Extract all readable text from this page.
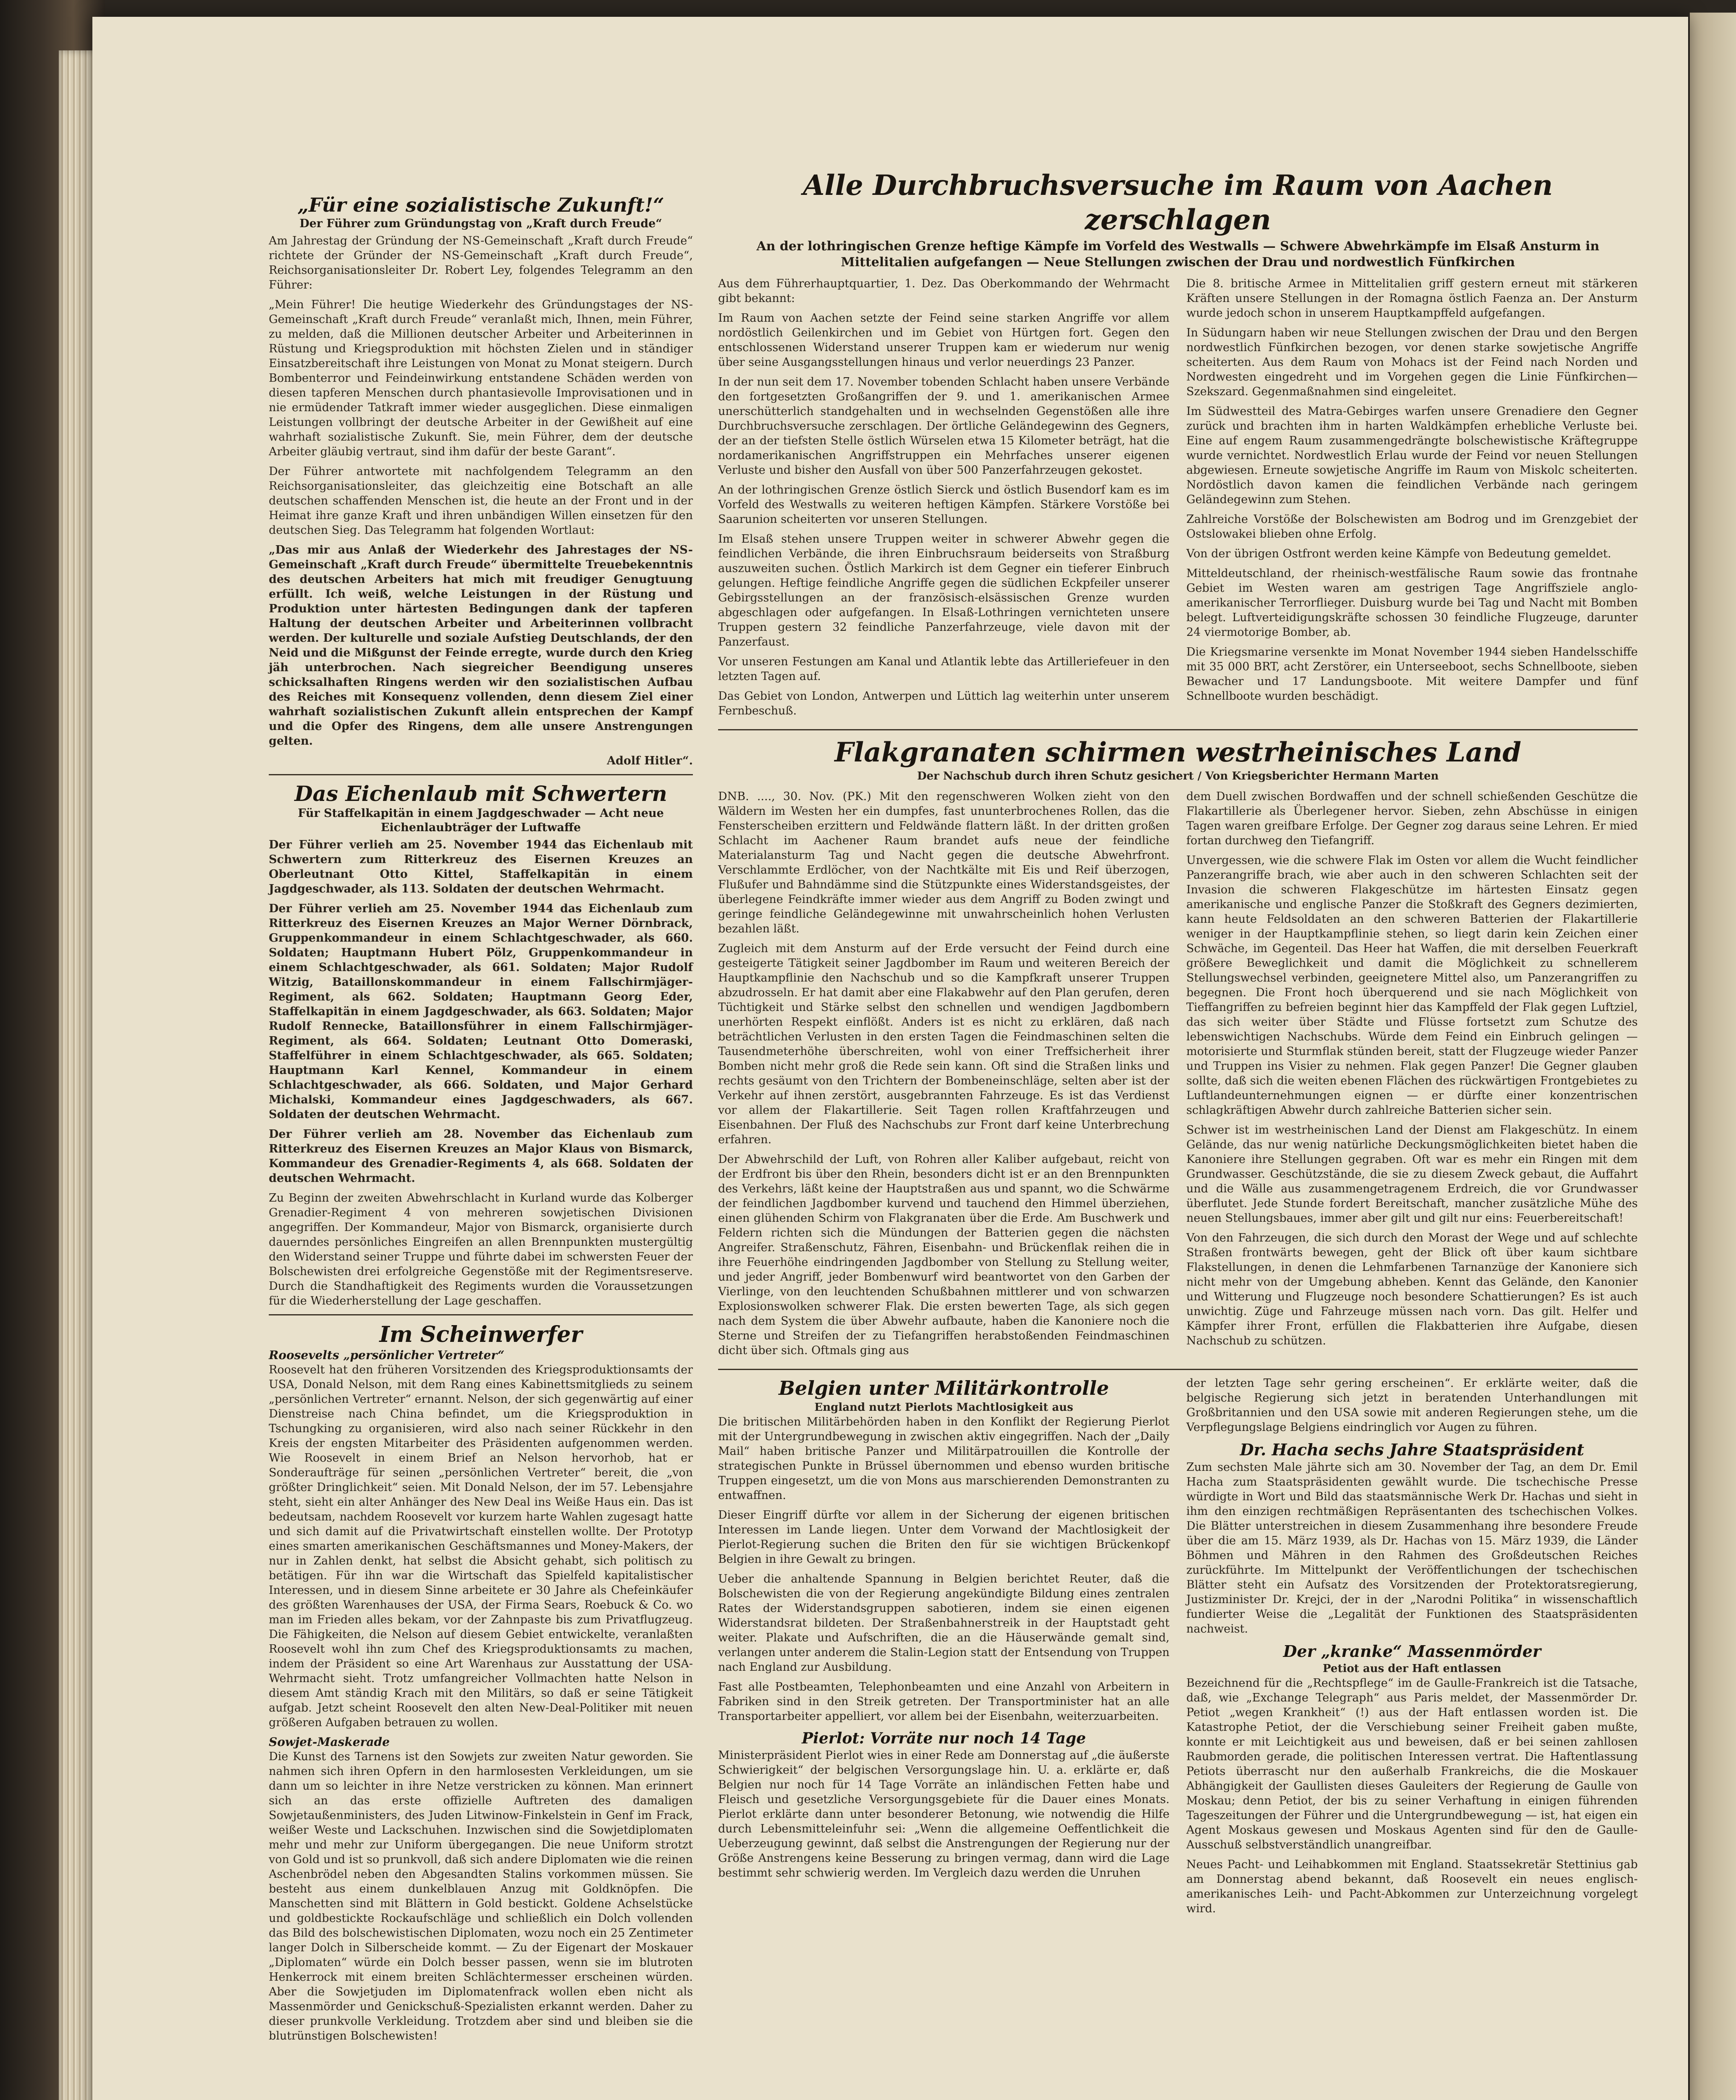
„Für eine sozialistische Zukunft!“
Der Führer zum Gründungstag von „Kraft durch Freude“

Am Jahrestag der Gründung der NS-Gemeinschaft „Kraft durch Freude“ richtete der Gründer der NS-Gemeinschaft „Kraft durch Freude“, Reichsorganisationsleiter Dr. Robert Ley, folgendes Telegramm an den Führer:

„Mein Führer! Die heutige Wiederkehr des Gründungstages der NS-Gemeinschaft „Kraft durch Freude“ veranlaßt mich, Ihnen, mein Führer, zu melden, daß die Millionen deutscher Arbeiter und Arbeiterinnen in Rüstung und Kriegsproduktion mit höchsten Zielen und in ständiger Einsatzbereitschaft ihre Leistungen von Monat zu Monat steigern. Durch Bombenterror und Feindeinwirkung entstandene Schäden werden von diesen tapferen Menschen durch phantasievolle Improvisationen und in nie ermüdender Tatkraft immer wieder ausgeglichen. Diese einmaligen Leistungen vollbringt der deutsche Arbeiter in der Gewißheit auf eine wahrhaft sozialistische Zukunft. Sie, mein Führer, dem der deutsche Arbeiter gläubig vertraut, sind ihm dafür der beste Garant“.

Der Führer antwortete mit nachfolgendem Telegramm an den Reichsorganisationsleiter, das gleichzeitig eine Botschaft an alle deutschen schaffenden Menschen ist, die heute an der Front und in der Heimat ihre ganze Kraft und ihren unbändigen Willen einsetzen für den deutschen Sieg. Das Telegramm hat folgenden Wortlaut:

„Das mir aus Anlaß der Wiederkehr des Jahrestages der NS-Gemeinschaft „Kraft durch Freude“ übermittelte Treuebekenntnis des deutschen Arbeiters hat mich mit freudiger Genugtuung erfüllt. Ich weiß, welche Leistungen in der Rüstung und Produktion unter härtesten Bedingungen dank der tapferen Haltung der deutschen Arbeiter und Arbeiterinnen vollbracht werden. Der kulturelle und soziale Aufstieg Deutschlands, der den Neid und die Mißgunst der Feinde erregte, wurde durch den Krieg jäh unterbrochen. Nach siegreicher Beendigung unseres schicksalhaften Ringens werden wir den sozialistischen Aufbau des Reiches mit Konsequenz vollenden, denn diesem Ziel einer wahrhaft sozialistischen Zukunft allein entsprechen der Kampf und die Opfer des Ringens, dem alle unsere Anstrengungen gelten.

Adolf Hitler“.
Das Eichenlaub mit Schwertern
Für Staffelkapitän in einem Jagdgeschwader — Acht neue Eichenlaubträger der Luftwaffe

Der Führer verlieh am 25. November 1944 das Eichenlaub mit Schwertern zum Ritterkreuz des Eisernen Kreuzes an Oberleutnant Otto Kittel, Staffelkapitän in einem Jagdgeschwader, als 113. Soldaten der deutschen Wehrmacht.

Der Führer verlieh am 25. November 1944 das Eichenlaub zum Ritterkreuz des Eisernen Kreuzes an Major Werner Dörnbrack, Gruppenkommandeur in einem Schlachtgeschwader, als 660. Soldaten; Hauptmann Hubert Pölz, Gruppenkommandeur in einem Schlachtgeschwader, als 661. Soldaten; Major Rudolf Witzig, Bataillonskommandeur in einem Fallschirmjäger-Regiment, als 662. Soldaten; Hauptmann Georg Eder, Staffelkapitän in einem Jagdgeschwader, als 663. Soldaten; Major Rudolf Rennecke, Bataillonsführer in einem Fallschirmjäger-Regiment, als 664. Soldaten; Leutnant Otto Domeraski, Staffelführer in einem Schlachtgeschwader, als 665. Soldaten; Hauptmann Karl Kennel, Kommandeur in einem Schlachtgeschwader, als 666. Soldaten, und Major Gerhard Michalski, Kommandeur eines Jagdgeschwaders, als 667. Soldaten der deutschen Wehrmacht.

Der Führer verlieh am 28. November das Eichenlaub zum Ritterkreuz des Eisernen Kreuzes an Major Klaus von Bismarck, Kommandeur des Grenadier-Regiments 4, als 668. Soldaten der deutschen Wehrmacht.

Zu Beginn der zweiten Abwehrschlacht in Kurland wurde das Kolberger Grenadier-Regiment 4 von mehreren sowjetischen Divisionen angegriffen. Der Kommandeur, Major von Bismarck, organisierte durch dauerndes persönliches Eingreifen an allen Brennpunkten mustergültig den Widerstand seiner Truppe und führte dabei im schwersten Feuer der Bolschewisten drei erfolgreiche Gegenstöße mit der Regimentsreserve. Durch die Standhaftigkeit des Regiments wurden die Voraussetzungen für die Wiederherstellung der Lage geschaffen.

Im Scheinwerfer
Roosevelts „persönlicher Vertreter“

Roosevelt hat den früheren Vorsitzenden des Kriegsproduktionsamts der USA, Donald Nelson, mit dem Rang eines Kabinettsmitglieds zu seinem „persönlichen Vertreter“ ernannt. Nelson, der sich gegenwärtig auf einer Dienstreise nach China befindet, um die Kriegsproduktion in Tschungking zu organisieren, wird also nach seiner Rückkehr in den Kreis der engsten Mitarbeiter des Präsidenten aufgenommen werden. Wie Roosevelt in einem Brief an Nelson hervorhob, hat er Sonderaufträge für seinen „persönlichen Vertreter“ bereit, die „von größter Dringlichkeit“ seien. Mit Donald Nelson, der im 57. Lebensjahre steht, sieht ein alter Anhänger des New Deal ins Weiße Haus ein. Das ist bedeutsam, nachdem Roosevelt vor kurzem harte Wahlen zugesagt hatte und sich damit auf die Privatwirtschaft einstellen wollte. Der Prototyp eines smarten amerikanischen Geschäftsmannes und Money-Makers, der nur in Zahlen denkt, hat selbst die Absicht gehabt, sich politisch zu betätigen. Für ihn war die Wirtschaft das Spielfeld kapitalistischer Interessen, und in diesem Sinne arbeitete er 30 Jahre als Chefeinkäufer des größten Warenhauses der USA, der Firma Sears, Roebuck & Co. wo man im Frieden alles bekam, vor der Zahnpaste bis zum Privatflugzeug. Die Fähigkeiten, die Nelson auf diesem Gebiet entwickelte, veranlaßten Roosevelt wohl ihn zum Chef des Kriegsproduktionsamts zu machen, indem der Präsident so eine Art Warenhaus zur Ausstattung der USA-Wehrmacht sieht. Trotz umfangreicher Vollmachten hatte Nelson in diesem Amt ständig Krach mit den Militärs, so daß er seine Tätigkeit aufgab. Jetzt scheint Roosevelt den alten New-Deal-Politiker mit neuen größeren Aufgaben betrauen zu wollen.

Sowjet-Maskerade

Die Kunst des Tarnens ist den Sowjets zur zweiten Natur geworden. Sie nahmen sich ihren Opfern in den harmlosesten Verkleidungen, um sie dann um so leichter in ihre Netze verstricken zu können. Man erinnert sich an das erste offizielle Auftreten des damaligen Sowjetaußenministers, des Juden Litwinow-Finkelstein in Genf im Frack, weißer Weste und Lackschuhen. Inzwischen sind die Sowjetdiplomaten mehr und mehr zur Uniform übergegangen. Die neue Uniform strotzt von Gold und ist so prunkvoll, daß sich andere Diplomaten wie die reinen Aschenbrödel neben den Abgesandten Stalins vorkommen müssen. Sie besteht aus einem dunkelblauen Anzug mit Goldknöpfen. Die Manschetten sind mit Blättern in Gold bestickt. Goldene Achselstücke und goldbestickte Rockaufschläge und schließlich ein Dolch vollenden das Bild des bolschewistischen Diplomaten, wozu noch ein 25 Zentimeter langer Dolch in Silberscheide kommt. — Zu der Eigenart der Moskauer „Diplomaten“ würde ein Dolch besser passen, wenn sie im blutroten Henkerrock mit einem breiten Schlächtermesser erscheinen würden. Aber die Sowjetjuden im Diplomatenfrack wollen eben nicht als Massenmörder und Genickschuß-Spezialisten erkannt werden. Daher zu dieser prunkvolle Verkleidung. Trotzdem aber sind und bleiben sie die blutrünstigen Bolschewisten!

Alle Durchbruchsversuche im Raum von Aachen zerschlagen
An der lothringischen Grenze heftige Kämpfe im Vorfeld des Westwalls — Schwere Abwehrkämpfe im Elsaß Ansturm in Mittelitalien aufgefangen — Neue Stellungen zwischen der Drau und nordwestlich Fünfkirchen

Aus dem Führerhauptquartier, 1. Dez. Das Oberkommando der Wehrmacht gibt bekannt:

Im Raum von Aachen setzte der Feind seine starken Angriffe vor allem nordöstlich Geilenkirchen und im Gebiet von Hürtgen fort. Gegen den entschlossenen Widerstand unserer Truppen kam er wiederum nur wenig über seine Ausgangsstellungen hinaus und verlor neuerdings 23 Panzer.

In der nun seit dem 17. November tobenden Schlacht haben unsere Verbände den fortgesetzten Großangriffen der 9. und 1. amerikanischen Armee unerschütterlich standgehalten und in wechselnden Gegenstößen alle ihre Durchbruchsversuche zerschlagen. Der örtliche Geländegewinn des Gegners, der an der tiefsten Stelle östlich Würselen etwa 15 Kilometer beträgt, hat die nordamerikanischen Angriffstruppen ein Mehrfaches unserer eigenen Verluste und bisher den Ausfall von über 500 Panzerfahrzeugen gekostet.

An der lothringischen Grenze östlich Sierck und östlich Busendorf kam es im Vorfeld des Westwalls zu weiteren heftigen Kämpfen. Stärkere Vorstöße bei Saarunion scheiterten vor unseren Stellungen.

Im Elsaß stehen unsere Truppen weiter in schwerer Abwehr gegen die feindlichen Verbände, die ihren Einbruchsraum beiderseits von Straßburg auszuweiten suchen. Östlich Markirch ist dem Gegner ein tieferer Einbruch gelungen. Heftige feindliche Angriffe gegen die südlichen Eckpfeiler unserer Gebirgsstellungen an der französisch-elsässischen Grenze wurden abgeschlagen oder aufgefangen. In Elsaß-Lothringen vernichteten unsere Truppen gestern 32 feindliche Panzerfahrzeuge, viele davon mit der Panzerfaust.

Vor unseren Festungen am Kanal und Atlantik lebte das Artilleriefeuer in den letzten Tagen auf.

Das Gebiet von London, Antwerpen und Lüttich lag weiterhin unter unserem Fernbeschuß.

Die 8. britische Armee in Mittelitalien griff gestern erneut mit stärkeren Kräften unsere Stellungen in der Romagna östlich Faenza an. Der Ansturm wurde jedoch schon in unserem Hauptkampffeld aufgefangen.

In Südungarn haben wir neue Stellungen zwischen der Drau und den Bergen nordwestlich Fünfkirchen bezogen, vor denen starke sowjetische Angriffe scheiterten. Aus dem Raum von Mohacs ist der Feind nach Norden und Nordwesten eingedreht und im Vorgehen gegen die Linie Fünfkirchen—Szekszard. Gegenmaßnahmen sind eingeleitet.

Im Südwestteil des Matra-Gebirges warfen unsere Grenadiere den Gegner zurück und brachten ihm in harten Waldkämpfen erhebliche Verluste bei. Eine auf engem Raum zusammengedrängte bolschewistische Kräftegruppe wurde vernichtet. Nordwestlich Erlau wurde der Feind vor neuen Stellungen abgewiesen. Erneute sowjetische Angriffe im Raum von Miskolc scheiterten. Nordöstlich davon kamen die feindlichen Verbände nach geringem Geländegewinn zum Stehen.

Zahlreiche Vorstöße der Bolschewisten am Bodrog und im Grenzgebiet der Ostslowakei blieben ohne Erfolg.

Von der übrigen Ostfront werden keine Kämpfe von Bedeutung gemeldet.

Mitteldeutschland, der rheinisch-westfälische Raum sowie das frontnahe Gebiet im Westen waren am gestrigen Tage Angriffsziele anglo-amerikanischer Terrorflieger. Duisburg wurde bei Tag und Nacht mit Bomben belegt. Luftverteidigungskräfte schossen 30 feindliche Flugzeuge, darunter 24 viermotorige Bomber, ab.

Die Kriegsmarine versenkte im Monat November 1944 sieben Handelsschiffe mit 35 000 BRT, acht Zerstörer, ein Unterseeboot, sechs Schnellboote, sieben Bewacher und 17 Landungsboote. Mit weitere Dampfer und fünf Schnellboote wurden beschädigt.

Flakgranaten schirmen westrheinisches Land
Der Nachschub durch ihren Schutz gesichert / Von Kriegsberichter Hermann Marten

DNB. ...., 30. Nov. (PK.) Mit den regenschweren Wolken zieht von den Wäldern im Westen her ein dumpfes, fast ununterbrochenes Rollen, das die Fensterscheiben erzittern und Feldwände flattern läßt. In der dritten großen Schlacht im Aachener Raum brandet aufs neue der feindliche Materialansturm Tag und Nacht gegen die deutsche Abwehrfront. Verschlammte Erdlöcher, von der Nachtkälte mit Eis und Reif überzogen, Flußufer und Bahndämme sind die Stützpunkte eines Widerstandsgeistes, der überlegene Feindkräfte immer wieder aus dem Angriff zu Boden zwingt und geringe feindliche Geländegewinne mit unwahrscheinlich hohen Verlusten bezahlen läßt.

Zugleich mit dem Ansturm auf der Erde versucht der Feind durch eine gesteigerte Tätigkeit seiner Jagdbomber im Raum und weiteren Bereich der Hauptkampflinie den Nachschub und so die Kampfkraft unserer Truppen abzudrosseln. Er hat damit aber eine Flakabwehr auf den Plan gerufen, deren Tüchtigkeit und Stärke selbst den schnellen und wendigen Jagdbombern unerhörten Respekt einflößt. Anders ist es nicht zu erklären, daß nach beträchtlichen Verlusten in den ersten Tagen die Feindmaschinen selten die Tausendmeterhöhe überschreiten, wohl von einer Treffsicherheit ihrer Bomben nicht mehr groß die Rede sein kann. Oft sind die Straßen links und rechts gesäumt von den Trichtern der Bombeneinschläge, selten aber ist der Verkehr auf ihnen zerstört, ausgebrannten Fahrzeuge. Es ist das Verdienst vor allem der Flakartillerie. Seit Tagen rollen Kraftfahrzeugen und Eisenbahnen. Der Fluß des Nachschubs zur Front darf keine Unterbrechung erfahren.

Der Abwehrschild der Luft, von Rohren aller Kaliber aufgebaut, reicht von der Erdfront bis über den Rhein, besonders dicht ist er an den Brennpunkten des Verkehrs, läßt keine der Hauptstraßen aus und spannt, wo die Schwärme der feindlichen Jagdbomber kurvend und tauchend den Himmel überziehen, einen glühenden Schirm von Flakgranaten über die Erde. Am Buschwerk und Feldern richten sich die Mündungen der Batterien gegen die nächsten Angreifer. Straßenschutz, Fähren, Eisenbahn- und Brückenflak reihen die in ihre Feuerhöhe eindringenden Jagdbomber von Stellung zu Stellung weiter, und jeder Angriff, jeder Bombenwurf wird beantwortet von den Garben der Vierlinge, von den leuchtenden Schußbahnen mittlerer und von schwarzen Explosionswolken schwerer Flak. Die ersten bewerten Tage, als sich gegen nach dem System die über Abwehr aufbaute, haben die Kanoniere noch die Sterne und Streifen der zu Tiefangriffen herabstoßenden Feindmaschinen dicht über sich. Oftmals ging aus

dem Duell zwischen Bordwaffen und der schnell schießenden Geschütze die Flakartillerie als Überlegener hervor. Sieben, zehn Abschüsse in einigen Tagen waren greifbare Erfolge. Der Gegner zog daraus seine Lehren. Er mied fortan durchweg den Tiefangriff.

Unvergessen, wie die schwere Flak im Osten vor allem die Wucht feindlicher Panzerangriffe brach, wie aber auch in den schweren Schlachten seit der Invasion die schweren Flakgeschütze im härtesten Einsatz gegen amerikanische und englische Panzer die Stoßkraft des Gegners dezimierten, kann heute Feldsoldaten an den schweren Batterien der Flakartillerie weniger in der Hauptkampflinie stehen, so liegt darin kein Zeichen einer Schwäche, im Gegenteil. Das Heer hat Waffen, die mit derselben Feuerkraft größere Beweglichkeit und damit die Möglichkeit zu schnellerem Stellungswechsel verbinden, geeignetere Mittel also, um Panzerangriffen zu begegnen. Die Front hoch überquerend und sie nach Möglichkeit von Tieffangriffen zu befreien beginnt hier das Kampffeld der Flak gegen Luftziel, das sich weiter über Städte und Flüsse fortsetzt zum Schutze des lebenswichtigen Nachschubs. Würde dem Feind ein Einbruch gelingen — motorisierte und Sturmflak stünden bereit, statt der Flugzeuge wieder Panzer und Truppen ins Visier zu nehmen. Flak gegen Panzer! Die Gegner glauben sollte, daß sich die weiten ebenen Flächen des rückwärtigen Frontgebietes zu Luftlandeunternehmungen eignen — er dürfte einer konzentrischen schlagkräftigen Abwehr durch zahlreiche Batterien sicher sein.

Schwer ist im westrheinischen Land der Dienst am Flakgeschütz. In einem Gelände, das nur wenig natürliche Deckungsmöglichkeiten bietet haben die Kanoniere ihre Stellungen gegraben. Oft war es mehr ein Ringen mit dem Grundwasser. Geschützstände, die sie zu diesem Zweck gebaut, die Auffahrt und die Wälle aus zusammengetragenem Erdreich, die vor Grundwasser überflutet. Jede Stunde fordert Bereitschaft, mancher zusätzliche Mühe des neuen Stellungsbaues, immer aber gilt und gilt nur eins: Feuerbereitschaft!

Von den Fahrzeugen, die sich durch den Morast der Wege und auf schlechte Straßen frontwärts bewegen, geht der Blick oft über kaum sichtbare Flakstellungen, in denen die Lehmfarbenen Tarnanzüge der Kanoniere sich nicht mehr von der Umgebung abheben. Kennt das Gelände, den Kanonier und Witterung und Flugzeuge noch besondere Schattierungen? Es ist auch unwichtig. Züge und Fahrzeuge müssen nach vorn. Das gilt. Helfer und Kämpfer ihrer Front, erfüllen die Flakbatterien ihre Aufgabe, diesen Nachschub zu schützen.

Belgien unter Militärkontrolle
England nutzt Pierlots Machtlosigkeit aus

Die britischen Militärbehörden haben in den Konflikt der Regierung Pierlot mit der Untergrundbewegung in zwischen aktiv eingegriffen. Nach der „Daily Mail“ haben britische Panzer und Militärpatrouillen die Kontrolle der strategischen Punkte in Brüssel übernommen und ebenso wurden britische Truppen eingesetzt, um die von Mons aus marschierenden Demonstranten zu entwaffnen.

Dieser Eingriff dürfte vor allem in der Sicherung der eigenen britischen Interessen im Lande liegen. Unter dem Vorwand der Machtlosigkeit der Pierlot-Regierung suchen die Briten den für sie wichtigen Brückenkopf Belgien in ihre Gewalt zu bringen.

Ueber die anhaltende Spannung in Belgien berichtet Reuter, daß die Bolschewisten die von der Regierung angekündigte Bildung eines zentralen Rates der Widerstandsgruppen sabotieren, indem sie einen eigenen Widerstandsrat bildeten. Der Straßenbahnerstreik in der Hauptstadt geht weiter. Plakate und Aufschriften, die an die Häuserwände gemalt sind, verlangen unter anderem die Stalin-Legion statt der Entsendung von Truppen nach England zur Ausbildung.

Fast alle Postbeamten, Telephonbeamten und eine Anzahl von Arbeitern in Fabriken sind in den Streik getreten. Der Transportminister hat an alle Transportarbeiter appelliert, vor allem bei der Eisenbahn, weiterzuarbeiten.

Pierlot: Vorräte nur noch 14 Tage

Ministerpräsident Pierlot wies in einer Rede am Donnerstag auf „die äußerste Schwierigkeit“ der belgischen Versorgungslage hin. U. a. erklärte er, daß Belgien nur noch für 14 Tage Vorräte an inländischen Fetten habe und Fleisch und gesetzliche Versorgungsgebiete für die Dauer eines Monats. Pierlot erklärte dann unter besonderer Betonung, wie notwendig die Hilfe durch Lebensmitteleinfuhr sei: „Wenn die allgemeine Oeffentlichkeit die Ueberzeugung gewinnt, daß selbst die Anstrengungen der Regierung nur der Größe Anstrengens keine Besserung zu bringen vermag, dann wird die Lage bestimmt sehr schwierig werden. Im Vergleich dazu werden die Unruhen

der letzten Tage sehr gering erscheinen“. Er erklärte weiter, daß die belgische Regierung sich jetzt in beratenden Unterhandlungen mit Großbritannien und den USA sowie mit anderen Regierungen stehe, um die Verpflegungslage Belgiens eindringlich vor Augen zu führen.

Dr. Hacha sechs Jahre Staatspräsident

Zum sechsten Male jährte sich am 30. November der Tag, an dem Dr. Emil Hacha zum Staatspräsidenten gewählt wurde. Die tschechische Presse würdigte in Wort und Bild das staatsmännische Werk Dr. Hachas und sieht in ihm den einzigen rechtmäßigen Repräsentanten des tschechischen Volkes. Die Blätter unterstreichen in diesem Zusammenhang ihre besondere Freude über die am 15. März 1939, als Dr. Hachas von 15. März 1939, die Länder Böhmen und Mähren in den Rahmen des Großdeutschen Reiches zurückführte. Im Mittelpunkt der Veröffentlichungen der tschechischen Blätter steht ein Aufsatz des Vorsitzenden der Protektoratsregierung, Justizminister Dr. Krejci, der in der „Narodni Politika“ in wissenschaftlich fundierter Weise die „Legalität der Funktionen des Staatspräsidenten nachweist.

Der „kranke“ Massenmörder
Petiot aus der Haft entlassen

Bezeichnend für die „Rechtspflege“ im de Gaulle-Frankreich ist die Tatsache, daß, wie „Exchange Telegraph“ aus Paris meldet, der Massenmörder Dr. Petiot „wegen Krankheit“ (!) aus der Haft entlassen worden ist. Die Katastrophe Petiot, der die Verschiebung seiner Freiheit gaben mußte, konnte er mit Leichtigkeit aus und beweisen, daß er bei seinen zahllosen Raubmorden gerade, die politischen Interessen vertrat. Die Haftentlassung Petiots überrascht nur den außerhalb Frankreichs, die die Moskauer Abhängigkeit der Gaullisten dieses Gauleiters der Regierung de Gaulle von Moskau; denn Petiot, der bis zu seiner Verhaftung in einigen führenden Tageszeitungen der Führer und die Untergrundbewegung — ist, hat eigen ein Agent Moskaus gewesen und Moskaus Agenten sind für den de Gaulle-Ausschuß selbstverständlich unangreifbar.

Neues Pacht- und Leihabkommen mit England. Staatssekretär Stettinius gab am Donnerstag abend bekannt, daß Roosevelt ein neues englisch-amerikanisches Leih- und Pacht-Abkommen zur Unterzeichnung vorgelegt wird.
